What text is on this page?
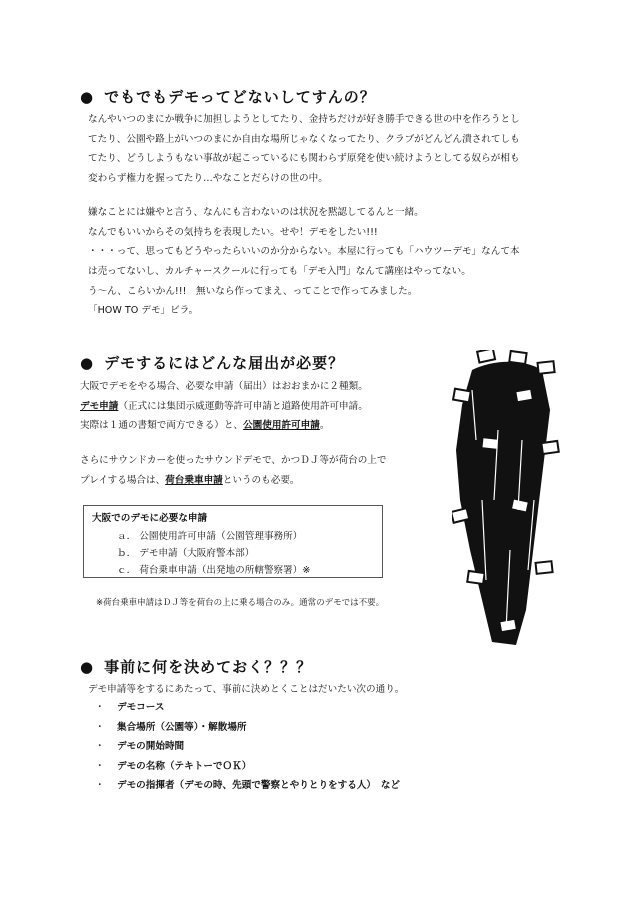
● でもでもデモってどないしてすんの？
なんやいつのまにか戦争に加担しようとしてたり、金持ちだけが好き勝手できる世の中を作ろうとし
てたり、公園や路上がいつのまにか自由な場所じゃなくなってたり、クラブがどんどん潰されてしも
てたり、どうしようもない事故が起こっているにも関わらず原発を使い続けようとしてる奴らが相も
変わらず権力を握ってたり…やなことだらけの世の中。
嫌なことには嫌やと言う、なんにも言わないのは状況を黙認してるんと一緒。
なんでもいいからその気持ちを表現したい。せや！デモをしたい!!!
・・・って、思ってもどうやったらいいのか分からない。本屋に行っても「ハウツーデモ」なんて本
は売ってないし、カルチャースクールに行っても「デモ入門」なんて講座はやってない。
う〜ん、こらいかん!!!　無いなら作ってまえ、ってことで作ってみました。
「HOW TO デモ」ビラ。
● デモするにはどんな届出が必要？
大阪でデモをやる場合、必要な申請（届出）はおおまかに２種類。
デモ申請（正式には集団示威運動等許可申請と道路使用許可申請。
実際は１通の書類で両方できる）と、公園使用許可申請。
さらにサウンドカーを使ったサウンドデモで、かつＤＪ等が荷台の上で
プレイする場合は、荷台乗車申請というのも必要。
大阪でのデモに必要な申請
ａ． 公園使用許可申請（公園管理事務所）
ｂ． デモ申請（大阪府警本部）
ｃ． 荷台乗車申請（出発地の所轄警察署）※
※荷台乗車申請はＤＪ等を荷台の上に乗る場合のみ。通常のデモでは不要。
● 事前に何を決めておく？？？
デモ申請等をするにあたって、事前に決めとくことはだいたい次の通り。
・ デモコース
・ 集合場所（公園等）・解散場所
・ デモの開始時間
・ デモの名称（テキトーでＯＫ）
・ デモの指揮者（デモの時、先頭で警察とやりとりをする人）　など
